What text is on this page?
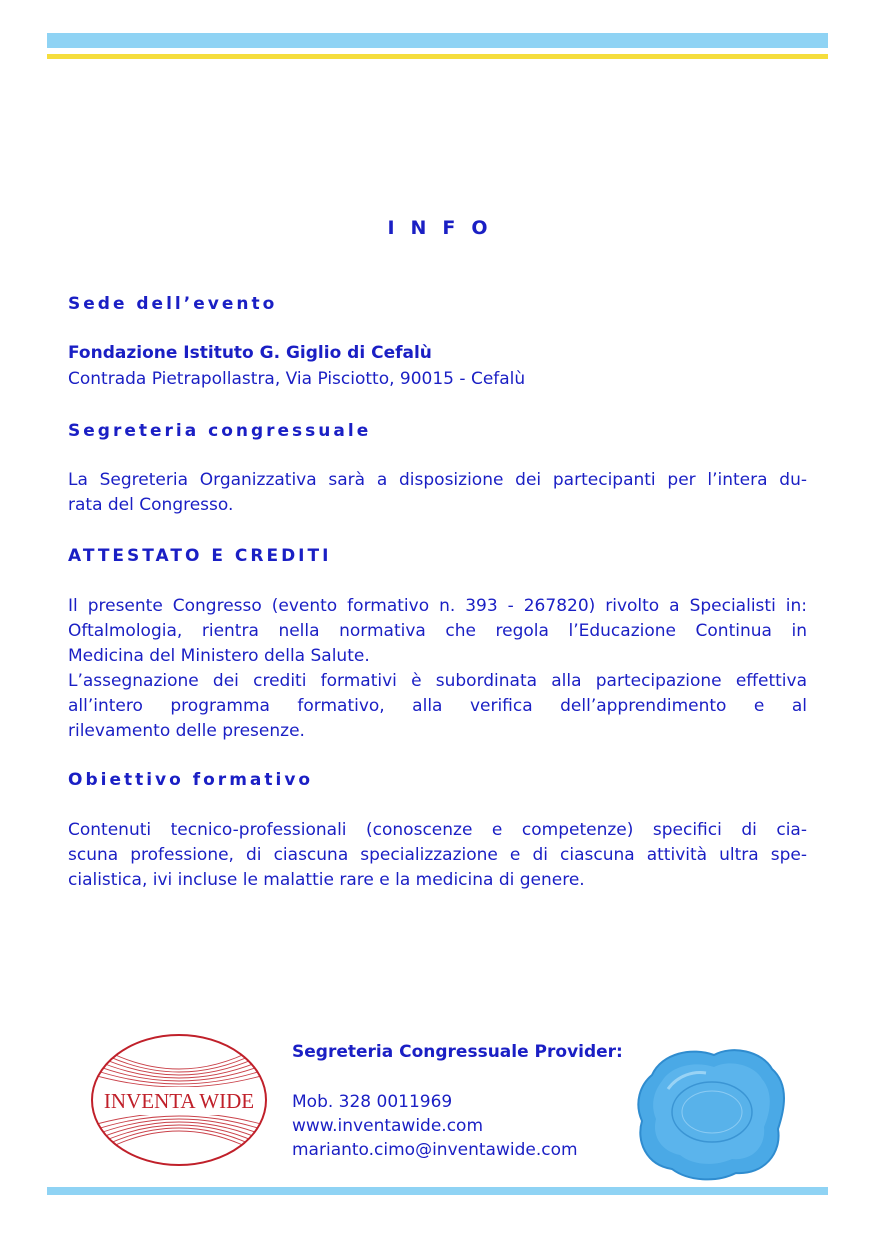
INFO
Sede dell’evento
Fondazione Istituto G. Giglio di Cefalù
Contrada Pietrapollastra, Via Pisciotto, 90015 - Cefalù
Segreteria congressuale
La Segreteria Organizzativa sarà a disposizione dei partecipanti per l’intera du-
rata del Congresso.
ATTESTATO E CREDITI
Il presente Congresso (evento formativo n. 393 - 267820) rivolto a Specialisti in:
Oftalmologia, rientra nella normativa che regola l’Educazione Continua in
Medicina del Ministero della Salute.
L’assegnazione dei crediti formativi è subordinata alla partecipazione effettiva
all’intero programma formativo, alla verifica dell’apprendimento e al
rilevamento delle presenze.
Obiettivo formativo
Contenuti tecnico-professionali (conoscenze e competenze) specifici di cia-
scuna professione, di ciascuna specializzazione e di ciascuna attività ultra spe-
cialistica, ivi incluse le malattie rare e la medicina di genere.
INVENTA WIDE
Segreteria Congressuale Provider:
Mob. 328 0011969
www.inventawide.com
marianto.cimo@inventawide.com
